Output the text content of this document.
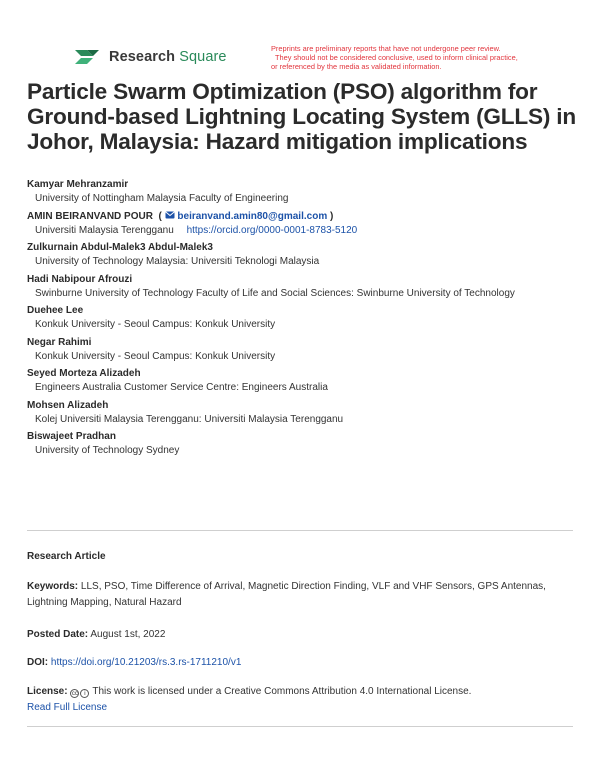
Research Square
Preprints are preliminary reports that have not undergone peer review.
They should not be considered conclusive, used to inform clinical practice,
or referenced by the media as validated information.
Particle Swarm Optimization (PSO) algorithm for Ground-based Lightning Locating System (GLLS) in Johor, Malaysia: Hazard mitigation implications
Kamyar Mehranzamir
University of Nottingham Malaysia Faculty of Engineering
AMIN BEIRANVAND POUR ( beiranvand.amin80@gmail.com )
Universiti Malaysia Terengganu https://orcid.org/0000-0001-8783-5120
Zulkurnain Abdul-Malek3 Abdul-Malek3
University of Technology Malaysia: Universiti Teknologi Malaysia
Hadi Nabipour Afrouzi
Swinburne University of Technology Faculty of Life and Social Sciences: Swinburne University of Technology
Duehee Lee
Konkuk University - Seoul Campus: Konkuk University
Negar Rahimi
Konkuk University - Seoul Campus: Konkuk University
Seyed Morteza Alizadeh
Engineers Australia Customer Service Centre: Engineers Australia
Mohsen Alizadeh
Kolej Universiti Malaysia Terengganu: Universiti Malaysia Terengganu
Biswajeet Pradhan
University of Technology Sydney
Research Article
Keywords: LLS, PSO, Time Difference of Arrival, Magnetic Direction Finding, VLF and VHF Sensors, GPS Antennas, Lightning Mapping, Natural Hazard
Posted Date: August 1st, 2022
DOI: https://doi.org/10.21203/rs.3.rs-1711210/v1
License: cc	i This work is licensed under a Creative Commons Attribution 4.0 International License.
Read Full License
